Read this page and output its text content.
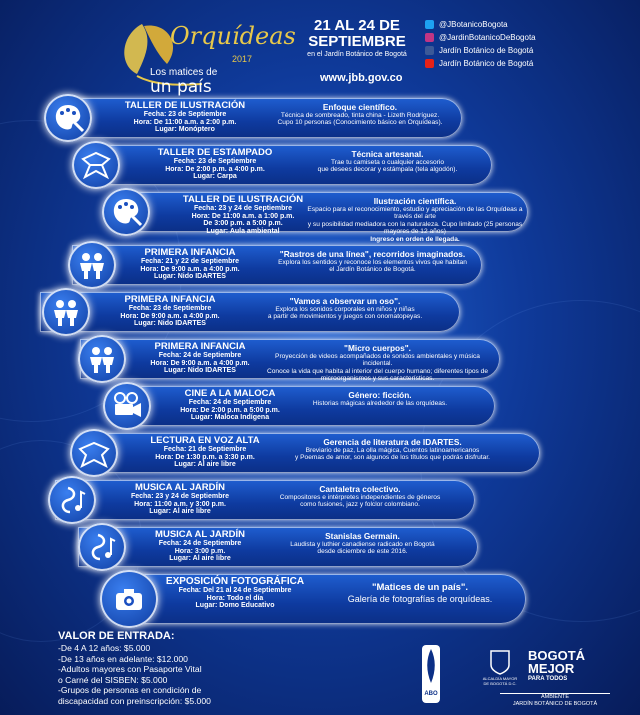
Orquídeas
2017
Los matices de
un país
21 AL 24 DE
SEPTIEMBRE
en el Jardín Botánico de Bogotá
www.jbb.gov.co
@JBotanicoBogota
@JardinBotanicoDeBogota
Jardín Botánico de Bogotá
Jardín Botánico de Bogotá
TALLER DE ILUSTRACIÓN
Fecha: 23 de Septiembre
Hora: De 11:00 a.m. a 2:00 p.m.
Lugar: Monóptero
Enfoque científico.
Técnica de sombreado, tinta china - Lizeth Rodríguez.
Cupo 10 personas (Conocimiento básico en Orquídeas).
TALLER DE ESTAMPADO
Fecha: 23 de Septiembre
Hora: De 2:00 p.m. a 4:00 p.m.
Lugar: Carpa
Técnica artesanal.
Trae tu camiseta o cualquier accesorio
que desees decorar y estámpala (tela algodón).
TALLER DE ILUSTRACIÓN
Fecha: 23 y 24 de Septiembre
Hora: De 11:00 a.m. a 1:00 p.m.
De 3:00 p.m. a 5:00 p.m.
Lugar: Aula ambiental
Ilustración científica.
Espacio para el reconocimiento, estudio y apreciación de las Orquídeas a través del arte
y su posibilidad mediadora con la naturaleza. Cupo limitado (25 personas mayores de 12 años)
Ingreso en orden de llegada.
PRIMERA INFANCIA
Fecha: 21 y 22 de Septiembre
Hora: De 9:00 a.m. a 4:00 p.m.
Lugar: Nido IDARTES
"Rastros de una línea", recorridos imaginados.
Explora los sentidos y reconoce los elementos vivos que habitan
el Jardín Botánico de Bogotá.
PRIMERA INFANCIA
Fecha: 23 de Septiembre
Hora: De 9:00 a.m. a 4:00 p.m.
Lugar: Nido IDARTES
"Vamos a observar un oso".
Explora los sonidos corporales en niños y niñas
a partir de movimientos y juegos con onomatopeyas.
PRIMERA INFANCIA
Fecha: 24 de Septiembre
Hora: De 9:00 a.m. a 4:00 p.m.
Lugar: Nido IDARTES
"Micro cuerpos".
Proyección de videos acompañados de sonidos ambientales y música incidental.
Conoce la vida que habita al interior del cuerpo humano; diferentes tipos de
microorganismos y sus características.
CINE A LA MALOCA
Fecha: 24 de Septiembre
Hora: De 2:00 p.m. a 5:00 p.m.
Lugar: Maloca Indígena
Género: ficción.
Historias mágicas alrededor de las orquídeas.
LECTURA EN VOZ ALTA
Fecha: 21 de Septiembre
Hora: De 1:30 p.m. a 3:30 p.m.
Lugar: Al aire libre
Gerencia de literatura de IDARTES.
Breviario de paz, La olla mágica, Cuentos latinoamericanos
y Poemas de amor, son algunos de los títulos que podrás disfrutar.
MUSICA AL JARDÍN
Fecha: 23 y 24 de Septiembre
Hora: 11:00 a.m. y 3:00 p.m.
Lugar: Al aire libre
Cantaletra colectivo.
Compositores e intérpretes independientes de géneros
como fusiones, jazz y folclor colombiano.
MUSICA AL JARDÍN
Fecha: 24 de Septiembre
Hora: 3:00 p.m.
Lugar: Al aire libre
Stanislas Germain.
Laudista y luthier canadiense radicado en Bogotá
desde diciembre de este 2016.
EXPOSICIÓN FOTOGRÁFICA
Fecha: Del 21 al 24 de Septiembre
Hora: Todo el día
Lugar: Domo Educativo
"Matices de un país".
Galería de fotografías de orquídeas.
VALOR DE ENTRADA:
-De 4 A 12 años: $5.000
-De 13 años en adelante: $12.000
-Adultos mayores con Pasaporte Vital
o Carné del SISBEN: $5.000
-Grupos de personas en condición de
discapacidad con preinscripción: $5.000
ABO
ALCALDÍA MAYOR DE BOGOTÁ D.C.
BOGOTÁ
MEJOR
PARA TODOS
AMBIENTE
JARDÍN BOTÁNICO DE BOGOTÁ
